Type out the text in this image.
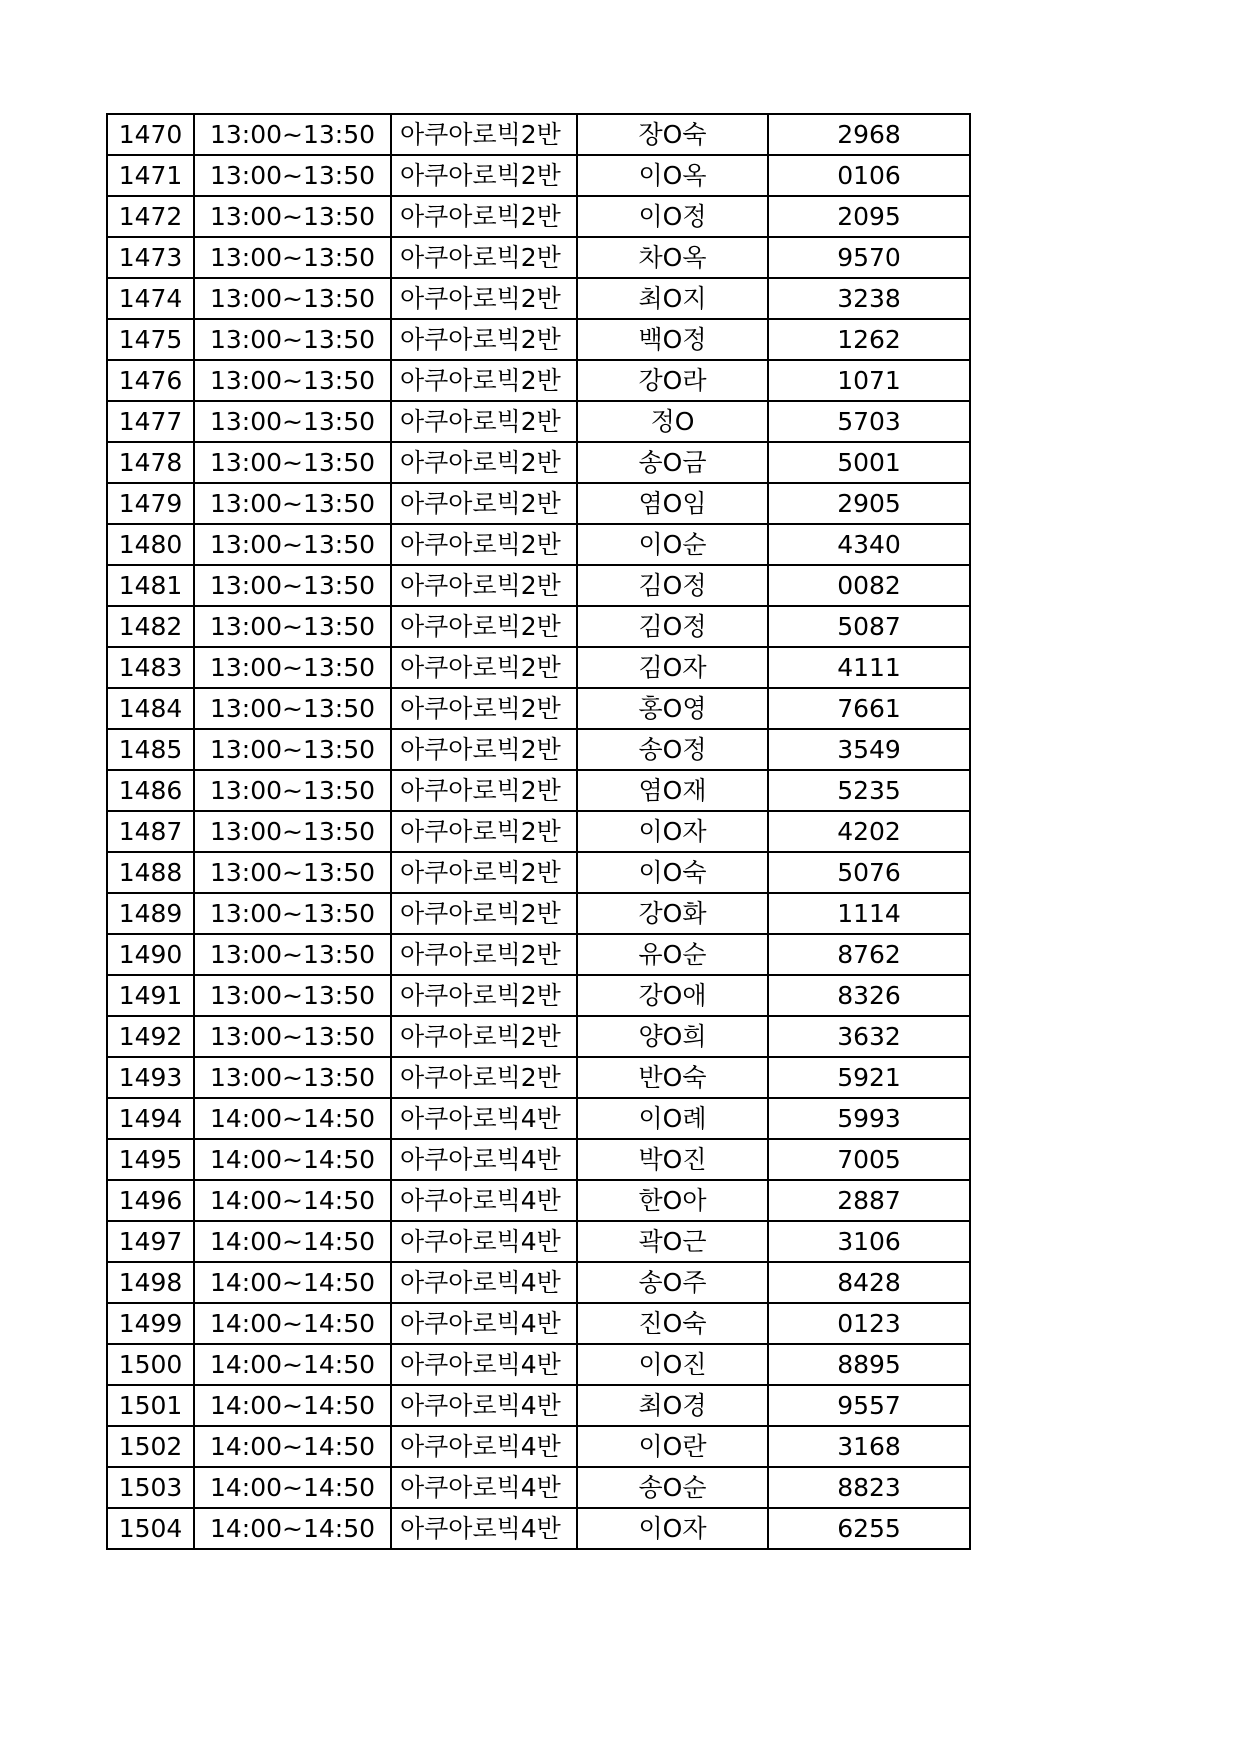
1470	13:00~13:50	아쿠아로빅2반	장O숙	2968
1471	13:00~13:50	아쿠아로빅2반	이O옥	0106
1472	13:00~13:50	아쿠아로빅2반	이O정	2095
1473	13:00~13:50	아쿠아로빅2반	차O옥	9570
1474	13:00~13:50	아쿠아로빅2반	최O지	3238
1475	13:00~13:50	아쿠아로빅2반	백O정	1262
1476	13:00~13:50	아쿠아로빅2반	강O라	1071
1477	13:00~13:50	아쿠아로빅2반	정O	5703
1478	13:00~13:50	아쿠아로빅2반	송O금	5001
1479	13:00~13:50	아쿠아로빅2반	염O임	2905
1480	13:00~13:50	아쿠아로빅2반	이O순	4340
1481	13:00~13:50	아쿠아로빅2반	김O정	0082
1482	13:00~13:50	아쿠아로빅2반	김O정	5087
1483	13:00~13:50	아쿠아로빅2반	김O자	4111
1484	13:00~13:50	아쿠아로빅2반	홍O영	7661
1485	13:00~13:50	아쿠아로빅2반	송O정	3549
1486	13:00~13:50	아쿠아로빅2반	염O재	5235
1487	13:00~13:50	아쿠아로빅2반	이O자	4202
1488	13:00~13:50	아쿠아로빅2반	이O숙	5076
1489	13:00~13:50	아쿠아로빅2반	강O화	1114
1490	13:00~13:50	아쿠아로빅2반	유O순	8762
1491	13:00~13:50	아쿠아로빅2반	강O애	8326
1492	13:00~13:50	아쿠아로빅2반	양O희	3632
1493	13:00~13:50	아쿠아로빅2반	반O숙	5921
1494	14:00~14:50	아쿠아로빅4반	이O례	5993
1495	14:00~14:50	아쿠아로빅4반	박O진	7005
1496	14:00~14:50	아쿠아로빅4반	한O아	2887
1497	14:00~14:50	아쿠아로빅4반	곽O근	3106
1498	14:00~14:50	아쿠아로빅4반	송O주	8428
1499	14:00~14:50	아쿠아로빅4반	진O숙	0123
1500	14:00~14:50	아쿠아로빅4반	이O진	8895
1501	14:00~14:50	아쿠아로빅4반	최O경	9557
1502	14:00~14:50	아쿠아로빅4반	이O란	3168
1503	14:00~14:50	아쿠아로빅4반	송O순	8823
1504	14:00~14:50	아쿠아로빅4반	이O자	6255
